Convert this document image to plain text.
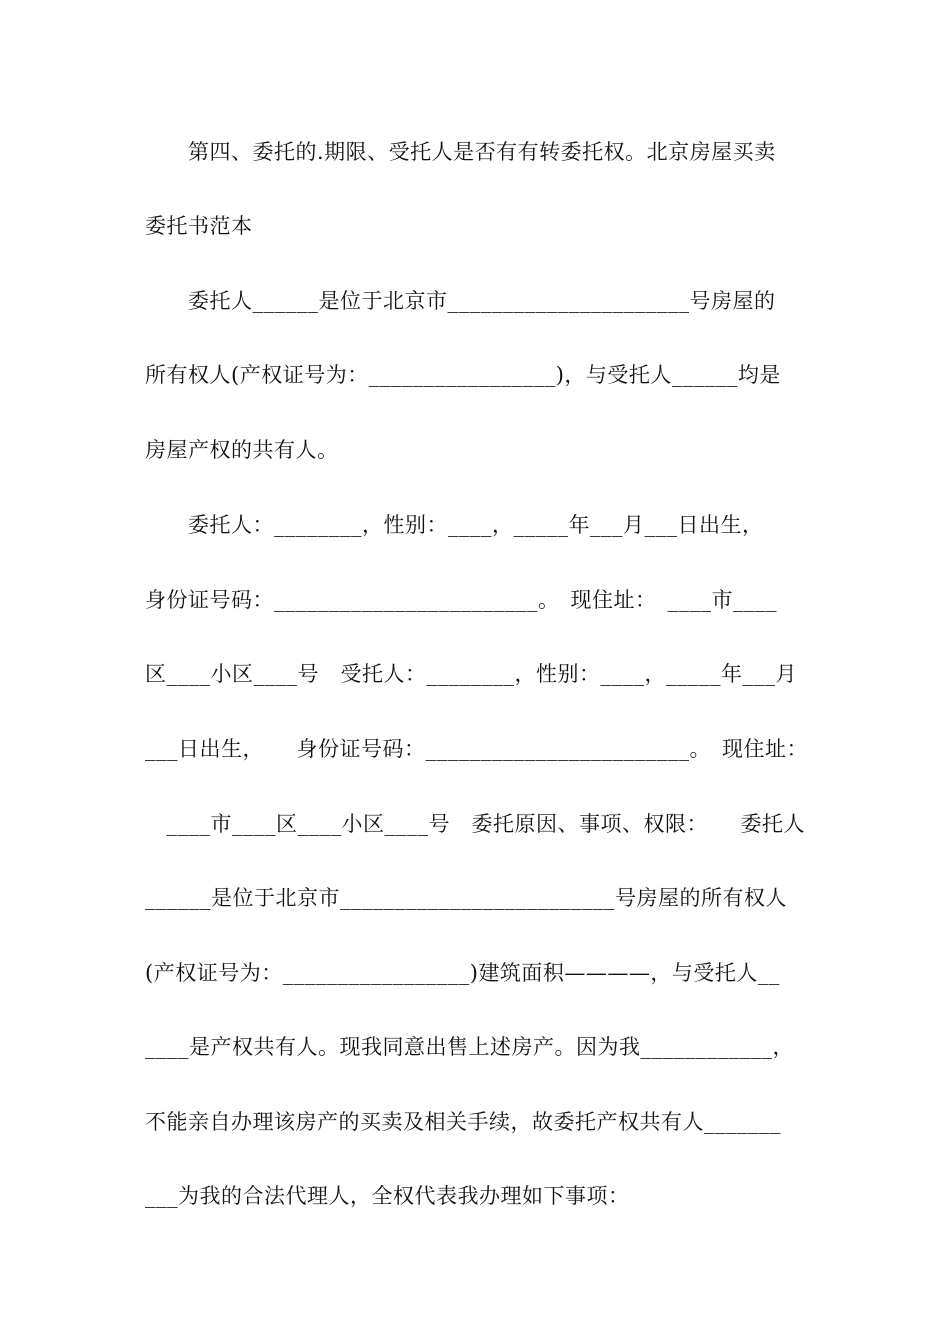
　　第四、委托的.期限、受托人是否有有转委托权。北京房屋买卖
委托书范本
　　委托人______是位于北京市______________________号房屋的
所有权人(产权证号为：_________________)，与受托人______均是
房屋产权的共有人。
　　委托人：________，性别：____，_____年___月___日出生，
身份证号码：________________________。　现住址：　____市____
区____小区____号　受托人：________，性别：____，_____年___月
___日出生，　　身份证号码：________________________。　现住址：
　____市____区____小区____号　委托原因、事项、权限：　　委托人
______是位于北京市_________________________号房屋的所有权人
(产权证号为：_________________)建筑面积————，与受托人__
____是产权共有人。现我同意出售上述房产。因为我____________，
不能亲自办理该房产的买卖及相关手续，故委托产权共有人_______
___为我的合法代理人，全权代表我办理如下事项：
